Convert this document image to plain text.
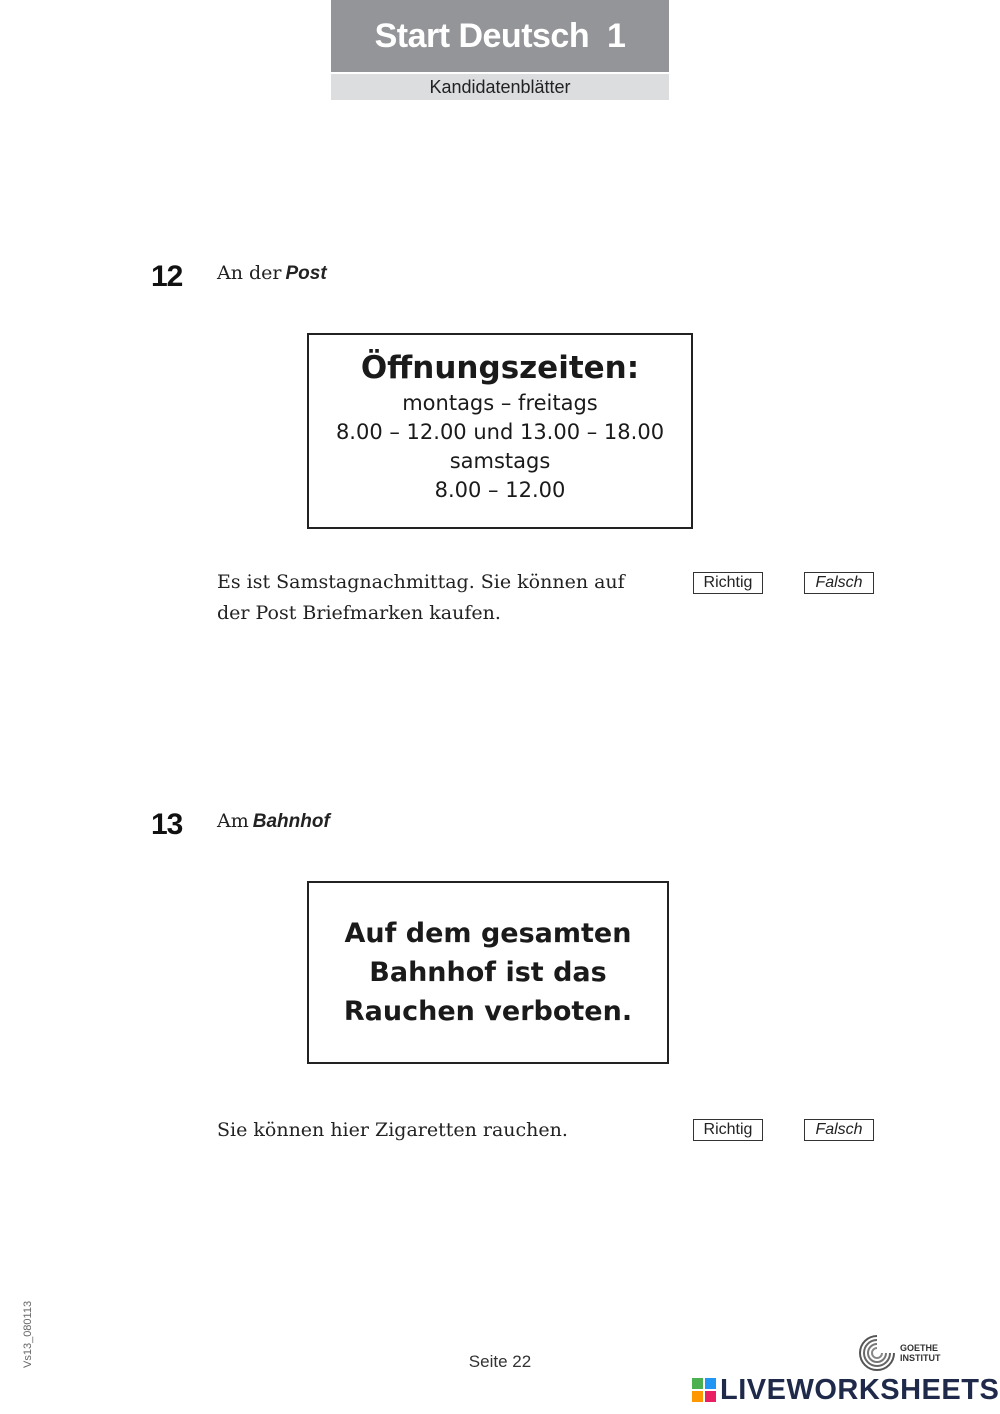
Start Deutsch  1
Kandidatenblätter
12 An der Post
Öffnungszeiten:
montags – freitags
8.00 – 12.00 und 13.00 – 18.00
samstags
8.00 – 12.00
Es ist Samstagnachmittag. Sie können auf der Post Briefmarken kaufen.
Richtig	Falsch
13 Am Bahnhof
Auf dem gesamten
Bahnhof ist das
Rauchen verboten.
Sie können hier Zigaretten rauchen.	Richtig	Falsch
Vs13_080113	Seite 22
GOETHE
INSTITUT
LIVEWORKSHEETS
